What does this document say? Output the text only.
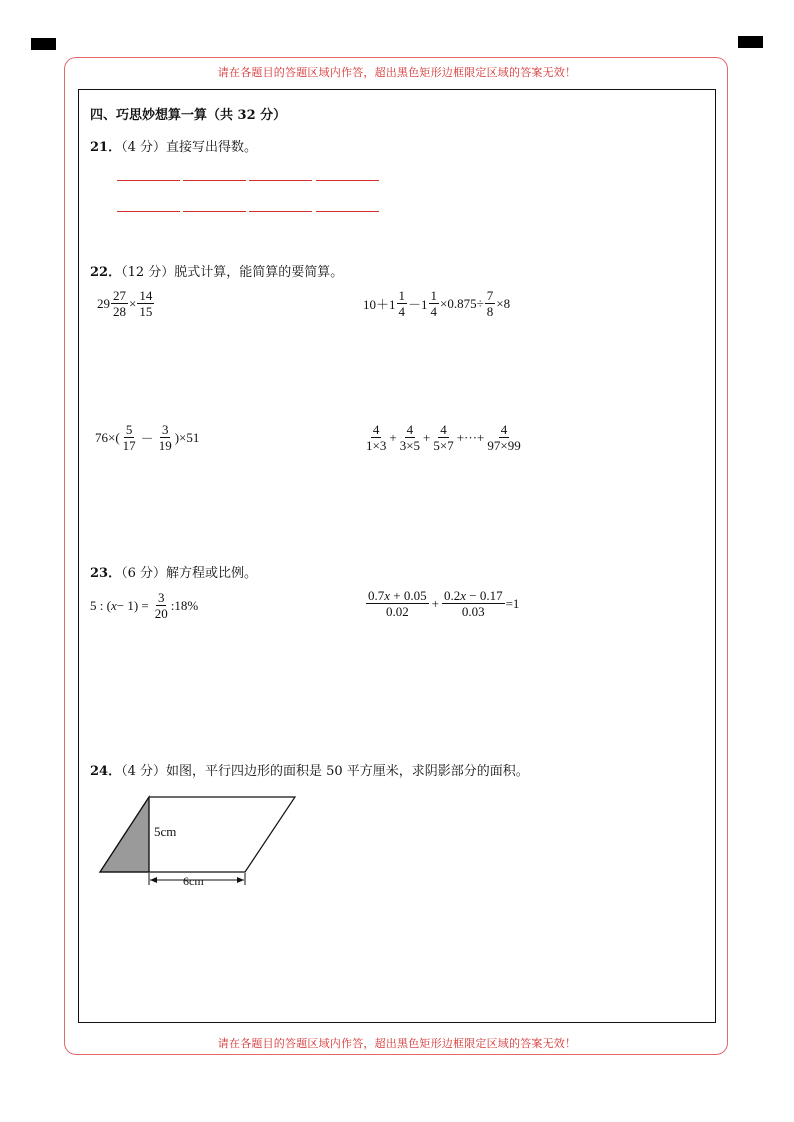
请在各题目的答题区域内作答，超出黑色矩形边框限定区域的答案无效！
请在各题目的答题区域内作答，超出黑色矩形边框限定区域的答案无效！
四、巧思妙想算一算（共 32 分）
21．（4 分）直接写出得数。
22．（12 分）脱式计算，能简算的要简算。
$29 \frac{27}{28} \times \frac{14}{15}$	$10+1 \frac{1}{4} -1 \frac{1}{4} \times 0.875\div \frac{7}{8} \times 8$
$76\times( \frac{5}{17} - \frac{3}{19} )\times 51$	$\frac{4}{1\times 3} + \frac{4}{3\times 5} + \frac{4}{5\times 7}$ +···+ $\frac{4}{97\times 99}$
23．（6 分）解方程或比例。
5 : ( $x - 1) = \frac{3}{20}$ :18%	$\frac{0.7x + 0.05}{0.02} + \frac{0.2x - 0.17}{0.03} =1$
24．（4 分）如图，平行四边形的面积是 50 平方厘米，求阴影部分的面积。
5cm
6cm
